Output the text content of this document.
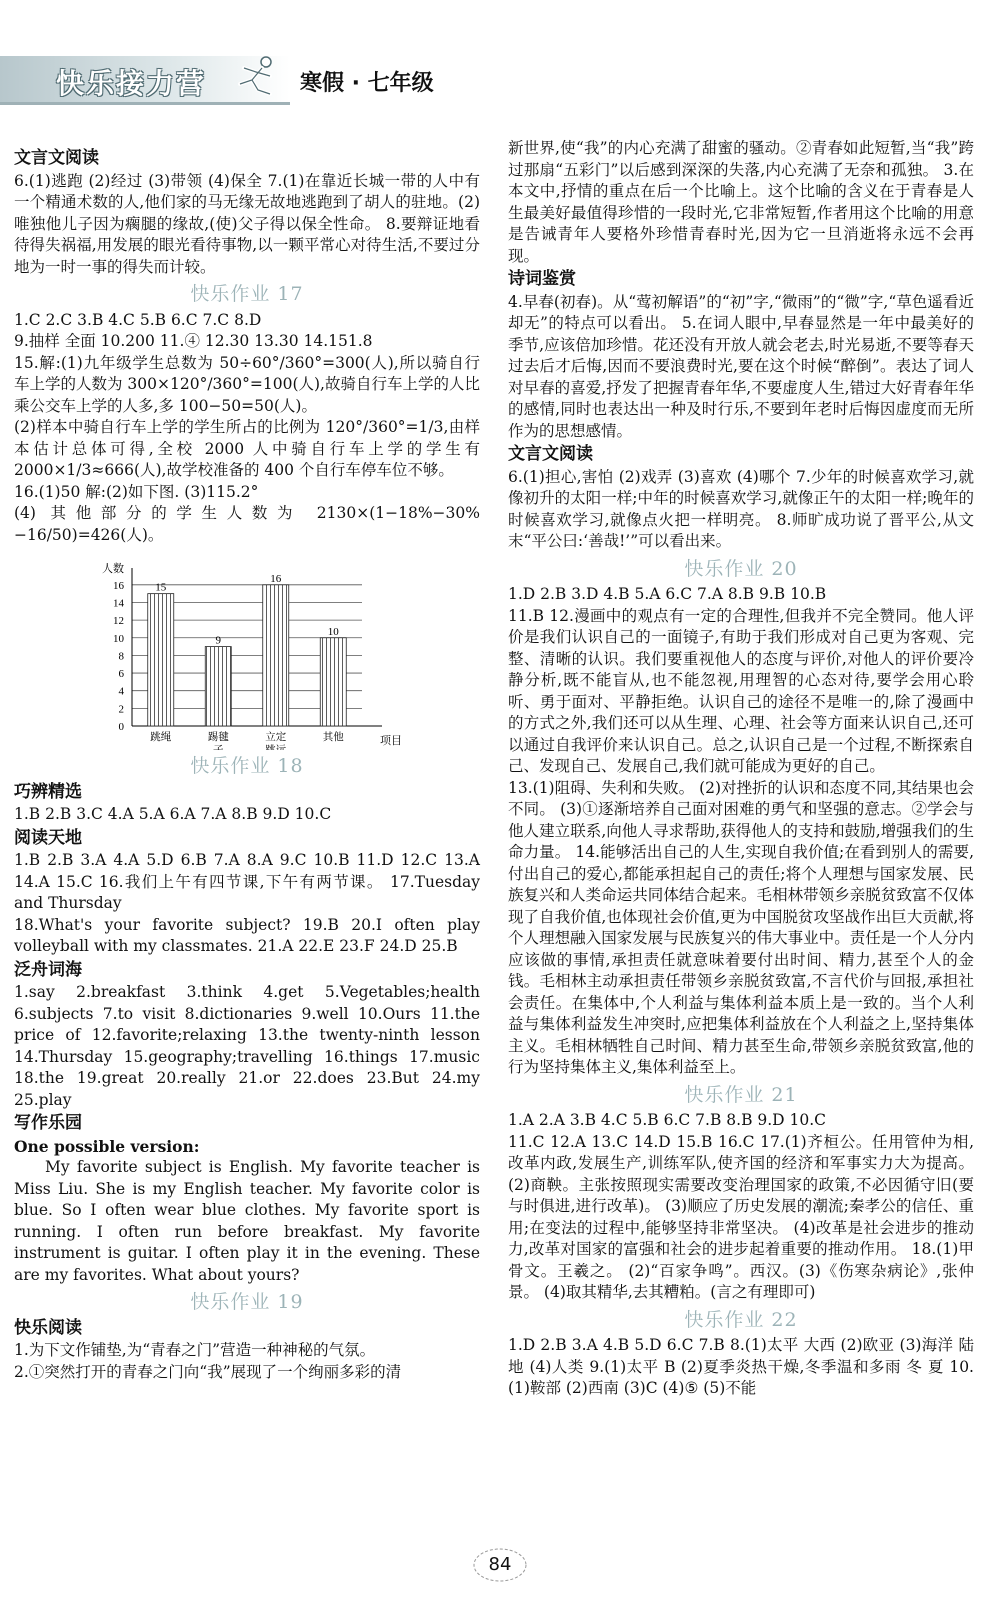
快乐接力营	寒假 · 七年级
文言文阅读

6.(1)逃跑 (2)经过 (3)带领 (4)保全 7.(1)在靠近长城一带的人中有一个精通术数的人,他们家的马无缘无故地逃跑到了胡人的驻地。(2)唯独他儿子因为瘸腿的缘故,(使)父子得以保全性命。 8.要辩证地看待得失祸福,用发展的眼光看待事物,以一颗平常心对待生活,不要过分地为一时一事的得失而计较。

快乐作业 17

1.C 2.C 3.B 4.C 5.B 6.C 7.C 8.D

9.抽样 全面 10.200 11.④ 12.30 13.30 14.151.8

15.解:(1)九年级学生总数为 50÷60°/360°=300(人),所以骑自行车上学的人数为 300×120°/360°=100(人),故骑自行车上学的人比乘公交车上学的人多,多 100−50=50(人)。

(2)样本中骑自行车上学的学生所占的比例为 120°/360°=1/3,由样本估计总体可得,全校 2000 人中骑自行车上学的学生有 2000×1/3≈666(人),故学校准备的 400 个自行车停车位不够。

16.(1)50 解:(2)如下图. (3)115.2°

(4) 其他部分的学生人数为 2130×(1−18%−30%−16/50)=426(人)。

0
2
4
6
8
10
12
14
16
人数
项目
15
跳绳
9
踢毽
子
16
立定
跳远
10
其他
快乐作业 18
巧辨精选

1.B 2.B 3.C 4.A 5.A 6.A 7.A 8.B 9.D 10.C

阅读天地

1.B 2.B 3.A 4.A 5.D 6.B 7.A 8.A 9.C 10.B 11.D 12.C 13.A 14.A 15.C 16.我们上午有四节课,下午有两节课。 17.Tuesday and Thursday

18.What's your favorite subject? 19.B 20.I often play volleyball with my classmates. 21.A 22.E 23.F 24.D 25.B

泛舟词海

1.say 2.breakfast 3.think 4.get 5.Vegetables;health 6.subjects 7.to visit 8.dictionaries 9.well 10.Ours 11.the price of 12.favorite;relaxing 13.the twenty-ninth lesson 14.Thursday 15.geography;travelling 16.things 17.music 18.the 19.great 20.really 21.or 22.does 23.But 24.my 25.play

写作乐园

One possible version:

My favorite subject is English. My favorite teacher is Miss Liu. She is my English teacher. My favorite color is blue. So I often wear blue clothes. My favorite sport is running. I often run before breakfast. My favorite instrument is guitar. I often play it in the evening. These are my favorites. What about yours?

快乐作业 19
快乐阅读

1.为下文作铺垫,为“青春之门”营造一种神秘的气氛。

2.①突然打开的青春之门向“我”展现了一个绚丽多彩的清

新世界,使“我”的内心充满了甜蜜的骚动。②青春如此短暂,当“我”跨过那扇“五彩门”以后感到深深的失落,内心充满了无奈和孤独。 3.在本文中,抒情的重点在后一个比喻上。这个比喻的含义在于青春是人生最美好最值得珍惜的一段时光,它非常短暂,作者用这个比喻的用意是告诫青年人要格外珍惜青春时光,因为它一旦消逝将永远不会再现。

诗词鉴赏

4.早春(初春)。从“莺初解语”的“初”字,“微雨”的“微”字,“草色遥看近却无”的特点可以看出。 5.在词人眼中,早春显然是一年中最美好的季节,应该倍加珍惜。花还没有开放人就会老去,时光易逝,不要等春天过去后才后悔,因而不要浪费时光,要在这个时候“醉倒”。表达了词人对早春的喜爱,抒发了把握青春年华,不要虚度人生,错过大好青春年华的感情,同时也表达出一种及时行乐,不要到年老时后悔因虚度而无所作为的思想感情。

文言文阅读

6.(1)担心,害怕 (2)戏弄 (3)喜欢 (4)哪个 7.少年的时候喜欢学习,就像初升的太阳一样;中年的时候喜欢学习,就像正午的太阳一样;晚年的时候喜欢学习,就像点火把一样明亮。 8.师旷成功说了晋平公,从文末“平公曰:‘善哉!’”可以看出来。

快乐作业 20

1.D 2.B 3.D 4.B 5.A 6.C 7.A 8.B 9.B 10.B

11.B 12.漫画中的观点有一定的合理性,但我并不完全赞同。他人评价是我们认识自己的一面镜子,有助于我们形成对自己更为客观、完整、清晰的认识。我们要重视他人的态度与评价,对他人的评价要冷静分析,既不能盲从,也不能忽视,用理智的心态对待,要学会用心聆听、勇于面对、平静拒绝。认识自己的途径不是唯一的,除了漫画中的方式之外,我们还可以从生理、心理、社会等方面来认识自己,还可以通过自我评价来认识自己。总之,认识自己是一个过程,不断探索自己、发现自己、发展自己,我们就可能成为更好的自己。

13.(1)阻碍、失利和失败。 (2)对挫折的认识和态度不同,其结果也会不同。 (3)①逐渐培养自己面对困难的勇气和坚强的意志。②学会与他人建立联系,向他人寻求帮助,获得他人的支持和鼓励,增强我们的生命力量。 14.能够活出自己的人生,实现自我价值;在看到别人的需要,付出自己的爱心,都能承担起自己的责任;将个人理想与国家发展、民族复兴和人类命运共同体结合起来。毛相林带领乡亲脱贫致富不仅体现了自我价值,也体现社会价值,更为中国脱贫攻坚战作出巨大贡献,将个人理想融入国家发展与民族复兴的伟大事业中。责任是一个人分内应该做的事情,承担责任就意味着要付出时间、精力,甚至个人的金钱。毛相林主动承担责任带领乡亲脱贫致富,不言代价与回报,承担社会责任。在集体中,个人利益与集体利益本质上是一致的。当个人利益与集体利益发生冲突时,应把集体利益放在个人利益之上,坚持集体主义。毛相林牺牲自己时间、精力甚至生命,带领乡亲脱贫致富,他的行为坚持集体主义,集体利益至上。

快乐作业 21

1.A 2.A 3.B 4.C 5.B 6.C 7.B 8.B 9.D 10.C

11.C 12.A 13.C 14.D 15.B 16.C 17.(1)齐桓公。任用管仲为相,改革内政,发展生产,训练军队,使齐国的经济和军事实力大为提高。 (2)商鞅。主张按照现实需要改变治理国家的政策,不必因循守旧(要与时俱进,进行改革)。 (3)顺应了历史发展的潮流;秦孝公的信任、重用;在变法的过程中,能够坚持非常坚决。 (4)改革是社会进步的推动力,改革对国家的富强和社会的进步起着重要的推动作用。 18.(1)甲骨文。王羲之。 (2)“百家争鸣”。西汉。(3)《伤寒杂病论》,张仲景。 (4)取其精华,去其糟粕。(言之有理即可)

快乐作业 22

1.D 2.B 3.A 4.B 5.D 6.C 7.B 8.(1)太平 大西 (2)欧亚 (3)海洋 陆地 (4)人类 9.(1)太平 B (2)夏季炎热干燥,冬季温和多雨 冬 夏 10.(1)鞍部 (2)西南 (3)C (4)⑤ (5)不能

84
